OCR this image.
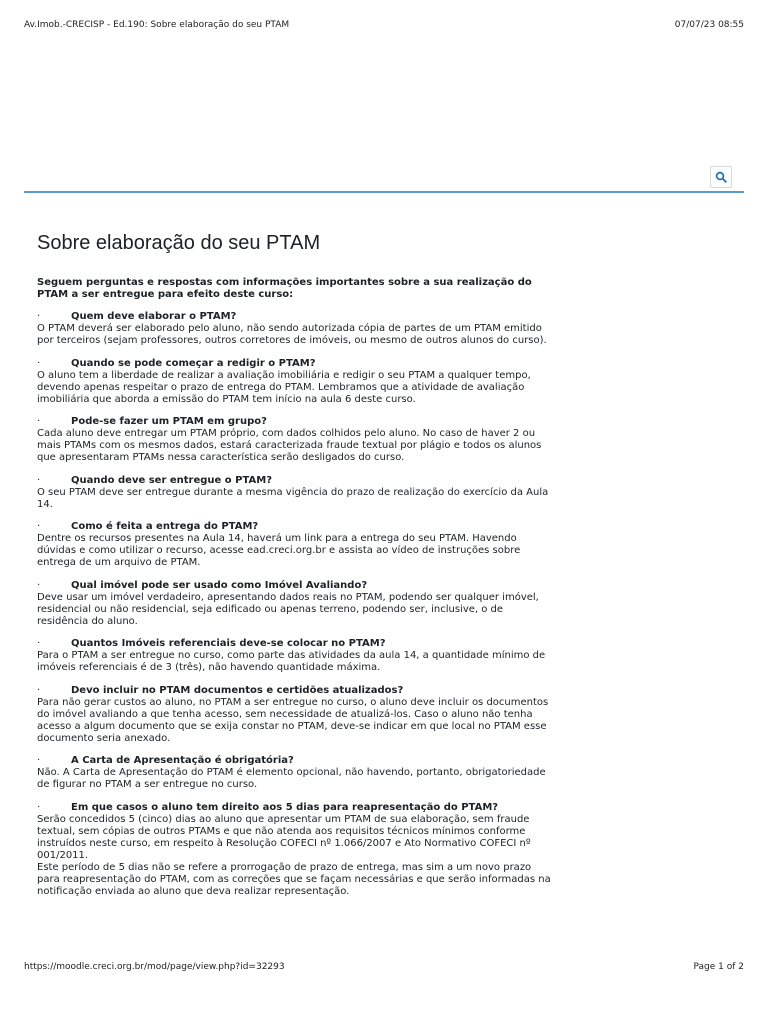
Av.Imob.-CRECISP - Ed.190: Sobre elaboração do seu PTAM	07/07/23 08:55
Sobre elaboração do seu PTAM

Seguem perguntas e respostas com informações importantes sobre a sua realização do PTAM a ser entregue para efeito deste curso:

·	Quem deve elaborar o PTAM?

O PTAM deverá ser elaborado pelo aluno, não sendo autorizada cópia de partes de um PTAM emitido por terceiros (sejam professores, outros corretores de imóveis, ou mesmo de outros alunos do curso).

·	Quando se pode começar a redigir o PTAM?

O aluno tem a liberdade de realizar a avaliação imobiliária e redigir o seu PTAM a qualquer tempo, devendo apenas respeitar o prazo de entrega do PTAM. Lembramos que a atividade de avaliação imobiliária que aborda a emissão do PTAM tem início na aula 6 deste curso.

·	Pode-se fazer um PTAM em grupo?

Cada aluno deve entregar um PTAM próprio, com dados colhidos pelo aluno. No caso de haver 2 ou mais PTAMs com os mesmos dados, estará caracterizada fraude textual por plágio e todos os alunos que apresentaram PTAMs nessa característica serão desligados do curso.

·	Quando deve ser entregue o PTAM?

O seu PTAM deve ser entregue durante a mesma vigência do prazo de realização do exercício da Aula 14.

·	Como é feita a entrega do PTAM?

Dentre os recursos presentes na Aula 14, haverá um link para a entrega do seu PTAM. Havendo dúvidas e como utilizar o recurso, acesse ead.creci.org.br e assista ao vídeo de instruções sobre entrega de um arquivo de PTAM.

·	Qual imóvel pode ser usado como Imóvel Avaliando?

Deve usar um imóvel verdadeiro, apresentando dados reais no PTAM, podendo ser qualquer imóvel, residencial ou não residencial, seja edificado ou apenas terreno, podendo ser, inclusive, o de residência do aluno.

·	Quantos Imóveis referenciais deve-se colocar no PTAM?

Para o PTAM a ser entregue no curso, como parte das atividades da aula 14, a quantidade mínimo de imóveis referenciais é de 3 (três), não havendo quantidade máxima.

·	Devo incluir no PTAM documentos e certidões atualizados?

Para não gerar custos ao aluno, no PTAM a ser entregue no curso, o aluno deve incluir os documentos do imóvel avaliando a que tenha acesso, sem necessidade de atualizá-los. Caso o aluno não tenha acesso a algum documento que se exija constar no PTAM, deve-se indicar em que local no PTAM esse documento seria anexado.

·	A Carta de Apresentação é obrigatória?

Não. A Carta de Apresentação do PTAM é elemento opcional, não havendo, portanto, obrigatoriedade de figurar no PTAM a ser entregue no curso.

·	Em que casos o aluno tem direito aos 5 dias para reapresentação do PTAM?

Serão concedidos 5 (cinco) dias ao aluno que apresentar um PTAM de sua elaboração, sem fraude textual, sem cópias de outros PTAMs e que não atenda aos requisitos técnicos mínimos conforme instruídos neste curso, em respeito à Resolução COFECI nº 1.066/2007 e Ato Normativo COFECI nº 001/2011.

Este período de 5 dias não se refere a prorrogação de prazo de entrega, mas sim a um novo prazo para reapresentação do PTAM, com as correções que se façam necessárias e que serão informadas na notificação enviada ao aluno que deva realizar representação.

https://moodle.creci.org.br/mod/page/view.php?id=32293	Page 1 of 2
